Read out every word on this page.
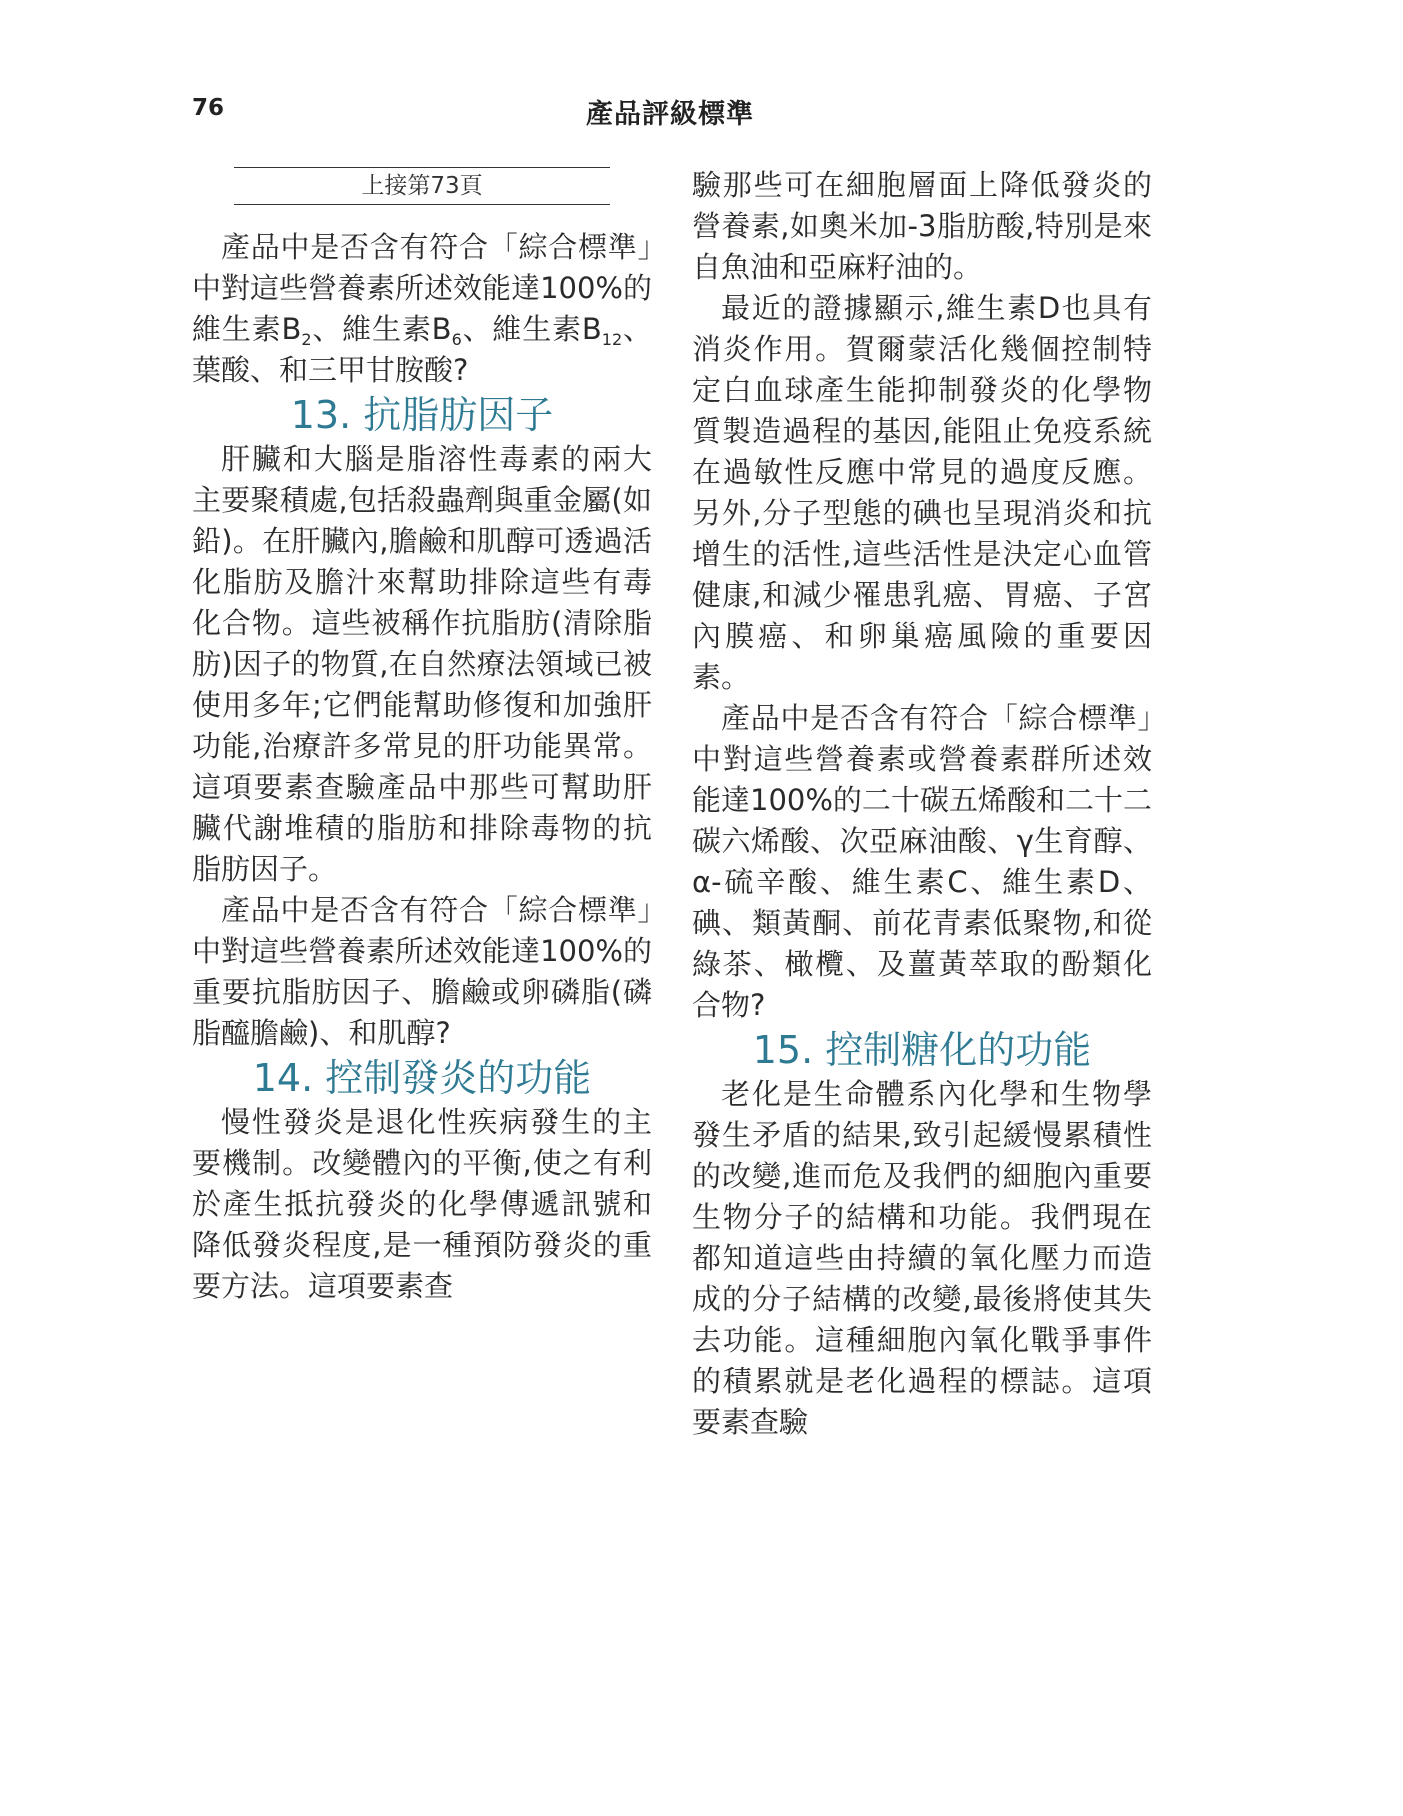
76	產品評級標準
上接第73頁

產品中是否含有符合「綜合標準」中對這些營養素所述效能達100%的維生素$B_2$、維生素$B_6$、維生素$B_{12}$、葉酸、和三甲甘胺酸?

13. 抗脂肪因子

肝臟和大腦是脂溶性毒素的兩大主要聚積處,包括殺蟲劑與重金屬(如鉛)。在肝臟內,膽鹼和肌醇可透過活化脂肪及膽汁來幫助排除這些有毒化合物。這些被稱作抗脂肪(清除脂肪)因子的物質,在自然療法領域已被使用多年;它們能幫助修復和加強肝功能,治療許多常見的肝功能異常。這項要素查驗產品中那些可幫助肝臟代謝堆積的脂肪和排除毒物的抗脂肪因子。

產品中是否含有符合「綜合標準」中對這些營養素所述效能達100%的重要抗脂肪因子、膽鹼或卵磷脂(磷脂醯膽鹼)、和肌醇?

14. 控制發炎的功能

慢性發炎是退化性疾病發生的主要機制。改變體內的平衡,使之有利於產生抵抗發炎的化學傳遞訊號和降低發炎程度,是一種預防發炎的重要方法。這項要素查

驗那些可在細胞層面上降低發炎的營養素,如奧米加-3脂肪酸,特別是來自魚油和亞麻籽油的。

最近的證據顯示,維生素D也具有消炎作用。賀爾蒙活化幾個控制特定白血球產生能抑制發炎的化學物質製造過程的基因,能阻止免疫系統在過敏性反應中常見的過度反應。另外,分子型態的碘也呈現消炎和抗增生的活性,這些活性是決定心血管健康,和減少罹患乳癌、胃癌、子宮內膜癌、和卵巢癌風險的重要因素。

產品中是否含有符合「綜合標準」中對這些營養素或營養素群所述效能達100%的二十碳五烯酸和二十二碳六烯酸、次亞麻油酸、γ生育醇、α-硫辛酸、維生素C、維生素D、碘、類黃酮、前花青素低聚物,和從綠茶、橄欖、及薑黃萃取的酚類化合物?

15. 控制糖化的功能

老化是生命體系內化學和生物學發生矛盾的結果,致引起緩慢累積性的改變,進而危及我們的細胞內重要生物分子的結構和功能。我們現在都知道這些由持續的氧化壓力而造成的分子結構的改變,最後將使其失去功能。這種細胞內氧化戰爭事件的積累就是老化過程的標誌。這項要素查驗
